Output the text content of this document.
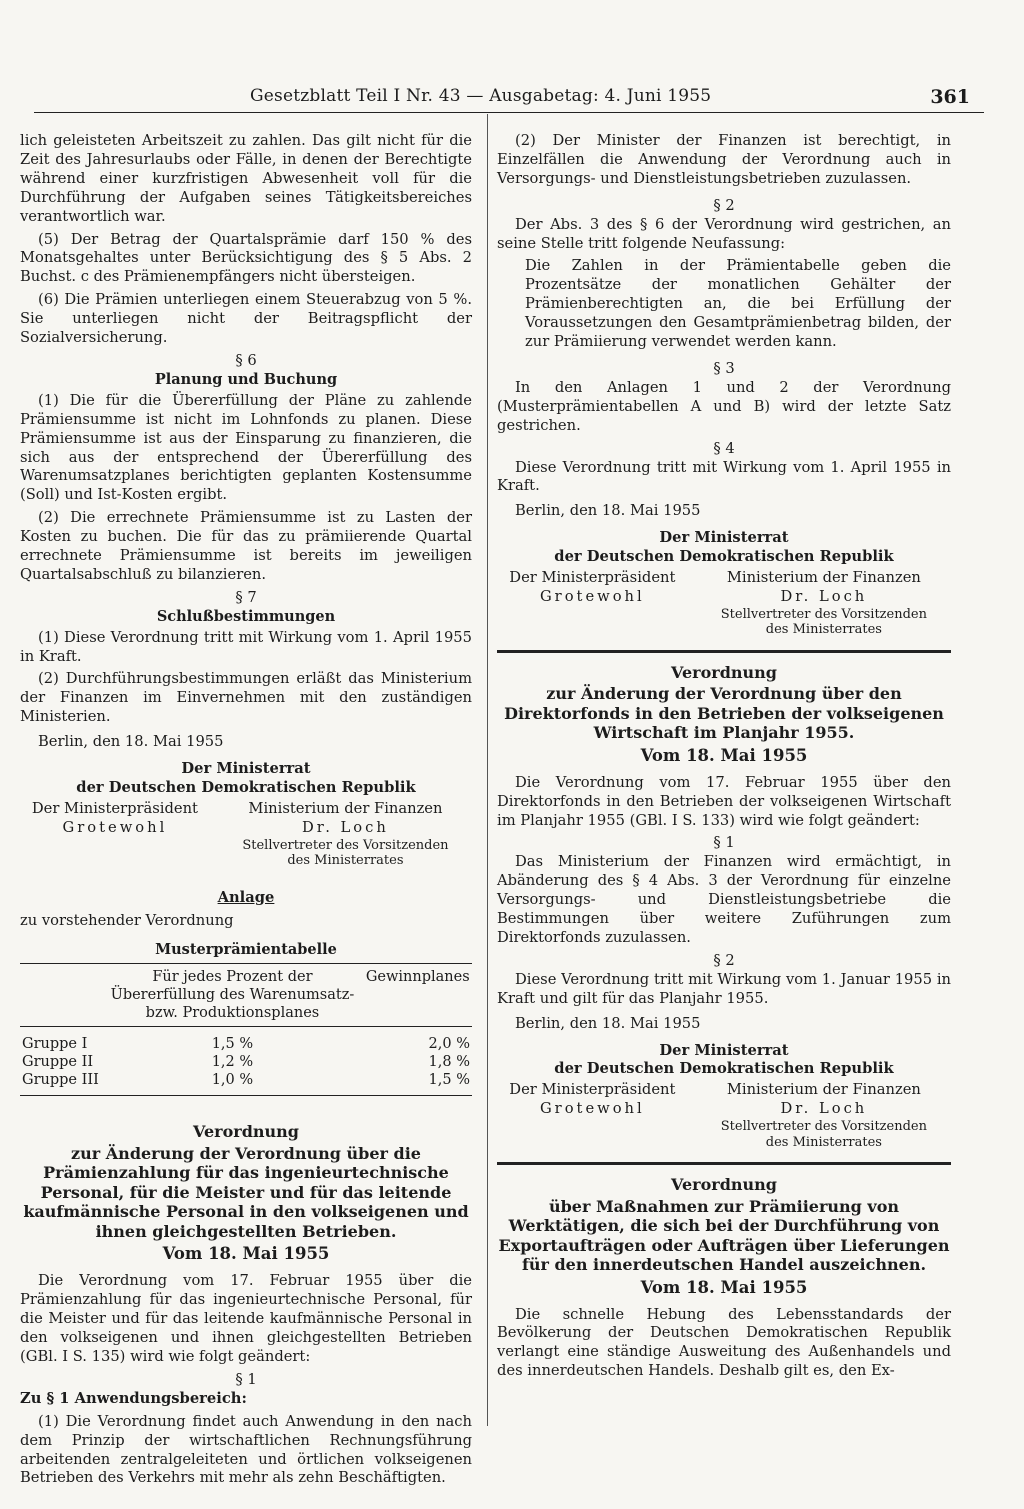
Gesetzblatt Teil I Nr. 43 — Ausgabetag: 4. Juni 1955	361

lich geleisteten Arbeitszeit zu zahlen. Das gilt nicht für die Zeit des Jahresurlaubs oder Fälle, in denen der Berechtigte während einer kurzfristigen Abwesenheit voll für die Durchführung der Aufgaben seines Tätigkeitsbereiches verantwortlich war.

(5) Der Betrag der Quartalsprämie darf 150 % des Monatsgehaltes unter Berücksichtigung des § 5 Abs. 2 Buchst. c des Prämienempfängers nicht übersteigen.

(6) Die Prämien unterliegen einem Steuerabzug von 5 %. Sie unterliegen nicht der Beitragspflicht der Sozialversicherung.

§ 6

Planung und Buchung

(1) Die für die Übererfüllung der Pläne zu zahlende Prämiensumme ist nicht im Lohnfonds zu planen. Diese Prämiensumme ist aus der Einsparung zu finanzieren, die sich aus der entsprechend der Übererfüllung des Warenumsatzplanes berichtigten geplanten Kostensumme (Soll) und Ist-Kosten ergibt.

(2) Die errechnete Prämiensumme ist zu Lasten der Kosten zu buchen. Die für das zu prämiierende Quartal errechnete Prämiensumme ist bereits im jeweiligen Quartalsabschluß zu bilanzieren.

§ 7

Schlußbestimmungen

(1) Diese Verordnung tritt mit Wirkung vom 1. April 1955 in Kraft.

(2) Durchführungsbestimmungen erläßt das Ministerium der Finanzen im Einvernehmen mit den zuständigen Ministerien.

Berlin, den 18. Mai 1955

Der Ministerrat

der Deutschen Demokratischen Republik

Der Ministerpräsident
Grotewohl
Ministerium der Finanzen
Dr. Loch
Stellvertreter des Vorsitzenden
des Ministerrates

Anlage

zu vorstehender Verordnung

Musterprämientabelle

	Für jedes Prozent der Übererfüllung des Warenumsatz- bzw. Produktionsplanes	Gewinnplanes
Gruppe I	1,5 %	2,0 %
Gruppe II	1,2 %	1,8 %
Gruppe III	1,0 %	1,5 %

Verordnung

zur Änderung der Verordnung über die Prämienzahlung für das ingenieurtechnische Personal, für die Meister und für das leitende kaufmännische Personal in den volkseigenen und ihnen gleichgestellten Betrieben.

Vom 18. Mai 1955

Die Verordnung vom 17. Februar 1955 über die Prämienzahlung für das ingenieurtechnische Personal, für die Meister und für das leitende kaufmännische Personal in den volkseigenen und ihnen gleichgestellten Betrieben (GBl. I S. 135) wird wie folgt geändert:

§ 1

Zu § 1 Anwendungsbereich:

(1) Die Verordnung findet auch Anwendung in den nach dem Prinzip der wirtschaftlichen Rechnungsführung arbeitenden zentralgeleiteten und örtlichen volkseigenen Betrieben des Verkehrs mit mehr als zehn Beschäftigten.

(2) Der Minister der Finanzen ist berechtigt, in Einzelfällen die Anwendung der Verordnung auch in Versorgungs- und Dienstleistungsbetrieben zuzulassen.

§ 2

Der Abs. 3 des § 6 der Verordnung wird gestrichen, an seine Stelle tritt folgende Neufassung:

Die Zahlen in der Prämientabelle geben die Prozentsätze der monatlichen Gehälter der Prämienberechtigten an, die bei Erfüllung der Voraussetzungen den Gesamtprämienbetrag bilden, der zur Prämiierung verwendet werden kann.

§ 3

In den Anlagen 1 und 2 der Verordnung (Musterprämientabellen A und B) wird der letzte Satz gestrichen.

§ 4

Diese Verordnung tritt mit Wirkung vom 1. April 1955 in Kraft.

Berlin, den 18. Mai 1955

Der Ministerrat

der Deutschen Demokratischen Republik

Der Ministerpräsident
Grotewohl
Ministerium der Finanzen
Dr. Loch
Stellvertreter des Vorsitzenden
des Ministerrates

Verordnung

zur Änderung der Verordnung über den Direktorfonds in den Betrieben der volkseigenen Wirtschaft im Planjahr 1955.

Vom 18. Mai 1955

Die Verordnung vom 17. Februar 1955 über den Direktorfonds in den Betrieben der volkseigenen Wirtschaft im Planjahr 1955 (GBl. I S. 133) wird wie folgt geändert:

§ 1

Das Ministerium der Finanzen wird ermächtigt, in Abänderung des § 4 Abs. 3 der Verordnung für einzelne Versorgungs- und Dienstleistungsbetriebe die Bestimmungen über weitere Zuführungen zum Direktorfonds zuzulassen.

§ 2

Diese Verordnung tritt mit Wirkung vom 1. Januar 1955 in Kraft und gilt für das Planjahr 1955.

Berlin, den 18. Mai 1955

Der Ministerrat

der Deutschen Demokratischen Republik

Der Ministerpräsident
Grotewohl
Ministerium der Finanzen
Dr. Loch
Stellvertreter des Vorsitzenden
des Ministerrates

Verordnung

über Maßnahmen zur Prämiierung von Werktätigen, die sich bei der Durchführung von Exportaufträgen oder Aufträgen über Lieferungen für den innerdeutschen Handel auszeichnen.

Vom 18. Mai 1955

Die schnelle Hebung des Lebensstandards der Bevölkerung der Deutschen Demokratischen Republik verlangt eine ständige Ausweitung des Außenhandels und des innerdeutschen Handels. Deshalb gilt es, den Ex-
